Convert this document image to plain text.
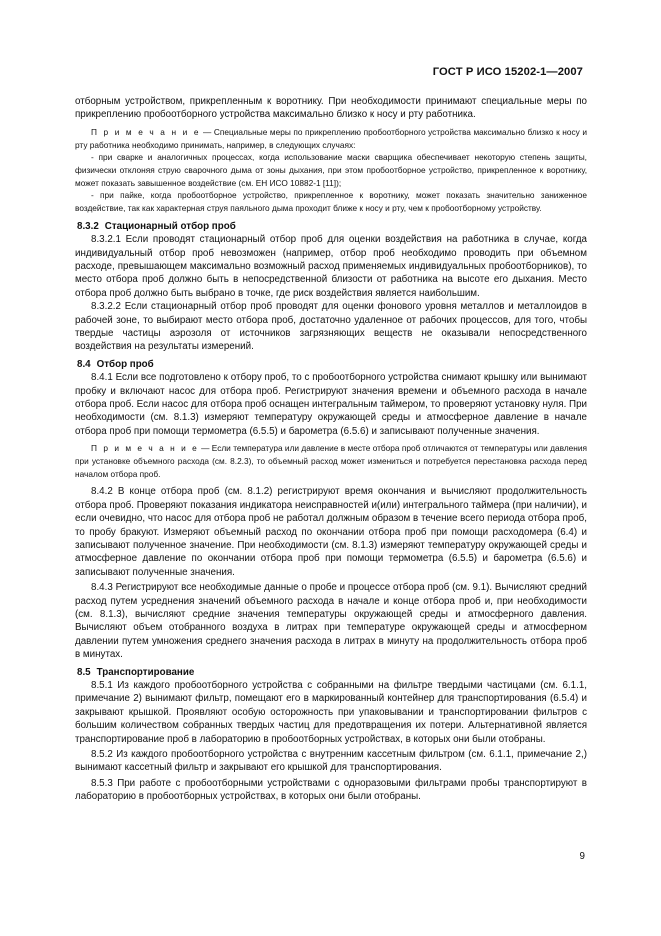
ГОСТ Р ИСО 15202-1—2007

отборным устройством, прикрепленным к воротнику. При необходимости принимают специальные меры по прикреплению пробоотборного устройства максимально близко к носу и рту работника.

П р и м е ч а н и е — Специальные меры по прикреплению пробоотборного устройства максимально близко к носу и рту работника необходимо принимать, например, в следующих случаях:

- при сварке и аналогичных процессах, когда использование маски сварщика обеспечивает некоторую степень защиты, физически отклоняя струю сварочного дыма от зоны дыхания, при этом пробоотборное устройство, прикрепленное к воротнику, может показать завышенное воздействие (см. ЕН ИСО 10882-1 [11]);

- при пайке, когда пробоотборное устройство, прикрепленное к воротнику, может показать значительно заниженное воздействие, так как характерная струя паяльного дыма проходит ближе к носу и рту, чем к пробоотборному устройству.

8.3.2 Стационарный отбор проб

8.3.2.1 Если проводят стационарный отбор проб для оценки воздействия на работника в случае, когда индивидуальный отбор проб невозможен (например, отбор проб необходимо проводить при объемном расходе, превышающем максимально возможный расход применяемых индивидуальных пробоотборников), то место отбора проб должно быть в непосредственной близости от работника на высоте его дыхания. Место отбора проб должно быть выбрано в точке, где риск воздействия является наибольшим.

8.3.2.2 Если стационарный отбор проб проводят для оценки фонового уровня металлов и металлоидов в рабочей зоне, то выбирают место отбора проб, достаточно удаленное от рабочих процессов, для того, чтобы твердые частицы аэрозоля от источников загрязняющих веществ не оказывали непосредственного воздействия на результаты измерений.

8.4 Отбор проб

8.4.1 Если все подготовлено к отбору проб, то с пробоотборного устройства снимают крышку или вынимают пробку и включают насос для отбора проб. Регистрируют значения времени и объемного расхода в начале отбора проб. Если насос для отбора проб оснащен интегральным таймером, то проверяют установку нуля. При необходимости (см. 8.1.3) измеряют температуру окружающей среды и атмосферное давление в начале отбора проб при помощи термометра (6.5.5) и барометра (6.5.6) и записывают полученные значения.

П р и м е ч а н и е — Если температура или давление в месте отбора проб отличаются от температуры или давления при установке объемного расхода (см. 8.2.3), то объемный расход может измениться и потребуется перестановка расхода перед началом отбора проб.

8.4.2 В конце отбора проб (см. 8.1.2) регистрируют время окончания и вычисляют продолжительность отбора проб. Проверяют показания индикатора неисправностей и(или) интегрального таймера (при наличии), и если очевидно, что насос для отбора проб не работал должным образом в течение всего периода отбора проб, то пробу бракуют. Измеряют объемный расход по окончании отбора проб при помощи расходомера (6.4) и записывают полученное значение. При необходимости (см. 8.1.3) измеряют температуру окружающей среды и атмосферное давление по окончании отбора проб при помощи термометра (6.5.5) и барометра (6.5.6) и записывают полученные значения.

8.4.3 Регистрируют все необходимые данные о пробе и процессе отбора проб (см. 9.1). Вычисляют средний расход путем усреднения значений объемного расхода в начале и конце отбора проб и, при необходимости (см. 8.1.3), вычисляют средние значения температуры окружающей среды и атмосферного давления. Вычисляют объем отобранного воздуха в литрах при температуре окружающей среды и атмосферном давлении путем умножения среднего значения расхода в литрах в минуту на продолжительность отбора проб в минутах.

8.5 Транспортирование

8.5.1 Из каждого пробоотборного устройства с собранными на фильтре твердыми частицами (см. 6.1.1, примечание 2) вынимают фильтр, помещают его в маркированный контейнер для транспортирования (6.5.4) и закрывают крышкой. Проявляют особую осторожность при упаковывании и транспортировании фильтров с большим количеством собранных твердых частиц для предотвращения их потери. Альтернативной является транспортирование проб в лабораторию в пробоотборных устройствах, в которых они были отобраны.

8.5.2 Из каждого пробоотборного устройства с внутренним кассетным фильтром (см. 6.1.1, примечание 2,) вынимают кассетный фильтр и закрывают его крышкой для транспортирования.

8.5.3 При работе с пробоотборными устройствами с одноразовыми фильтрами пробы транспортируют в лабораторию в пробоотборных устройствах, в которых они были отобраны.

9
